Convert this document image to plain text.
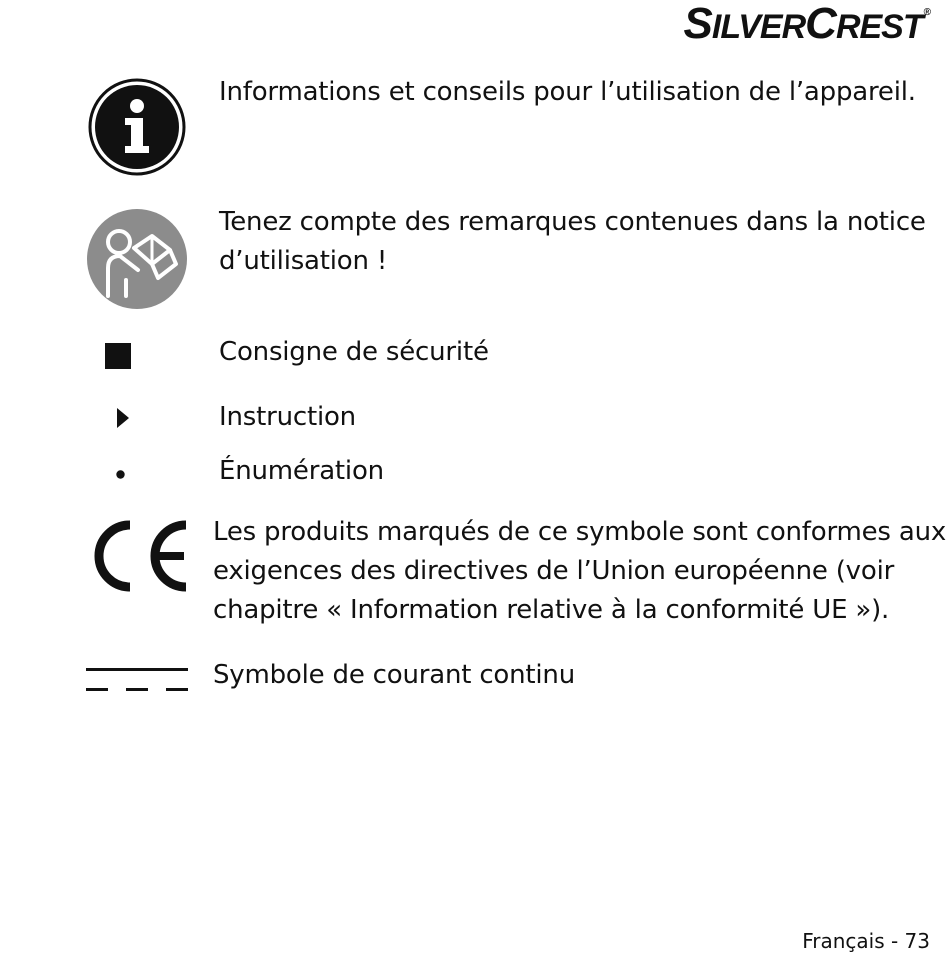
SILVERCREST®
Informations et conseils pour l’utilisation de l’appareil.
Tenez compte des remarques contenues dans la notice
d’utilisation !
Consigne de sécurité
Instruction
Énumération
Les produits marqués de ce symbole sont conformes aux
exigences des directives de l’Union européenne (voir
chapitre « Information relative à la conformité UE »).
Symbole de courant continu
Français - 73
